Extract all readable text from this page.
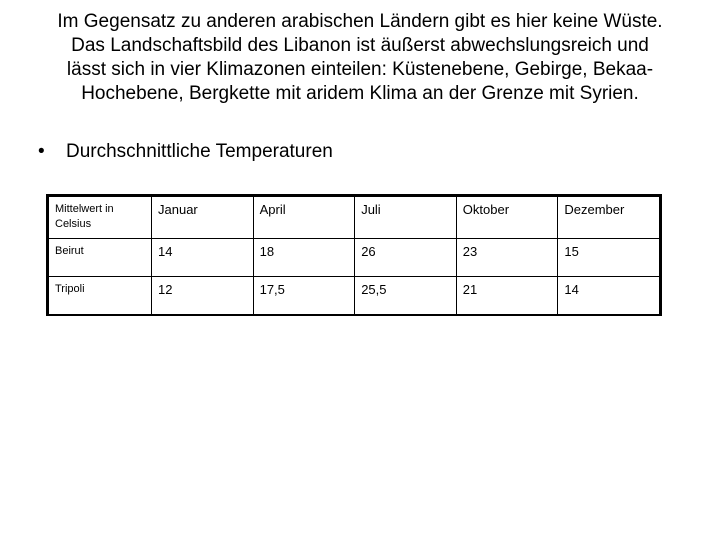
Im Gegensatz zu anderen arabischen Ländern gibt es hier keine Wüste.
Das Landschaftsbild des Libanon ist äußerst abwechslungsreich und
lässt sich in vier Klimazonen einteilen: Küstenebene, Gebirge, Bekaa-
Hochebene, Bergkette mit aridem Klima an der Grenze mit Syrien.
• Durchschnittliche Temperaturen
Mittelwert in Celsius	Januar	April	Juli	Oktober	Dezember
Beirut	14	18	26	23	15
Tripoli	12	17,5	25,5	21	14
